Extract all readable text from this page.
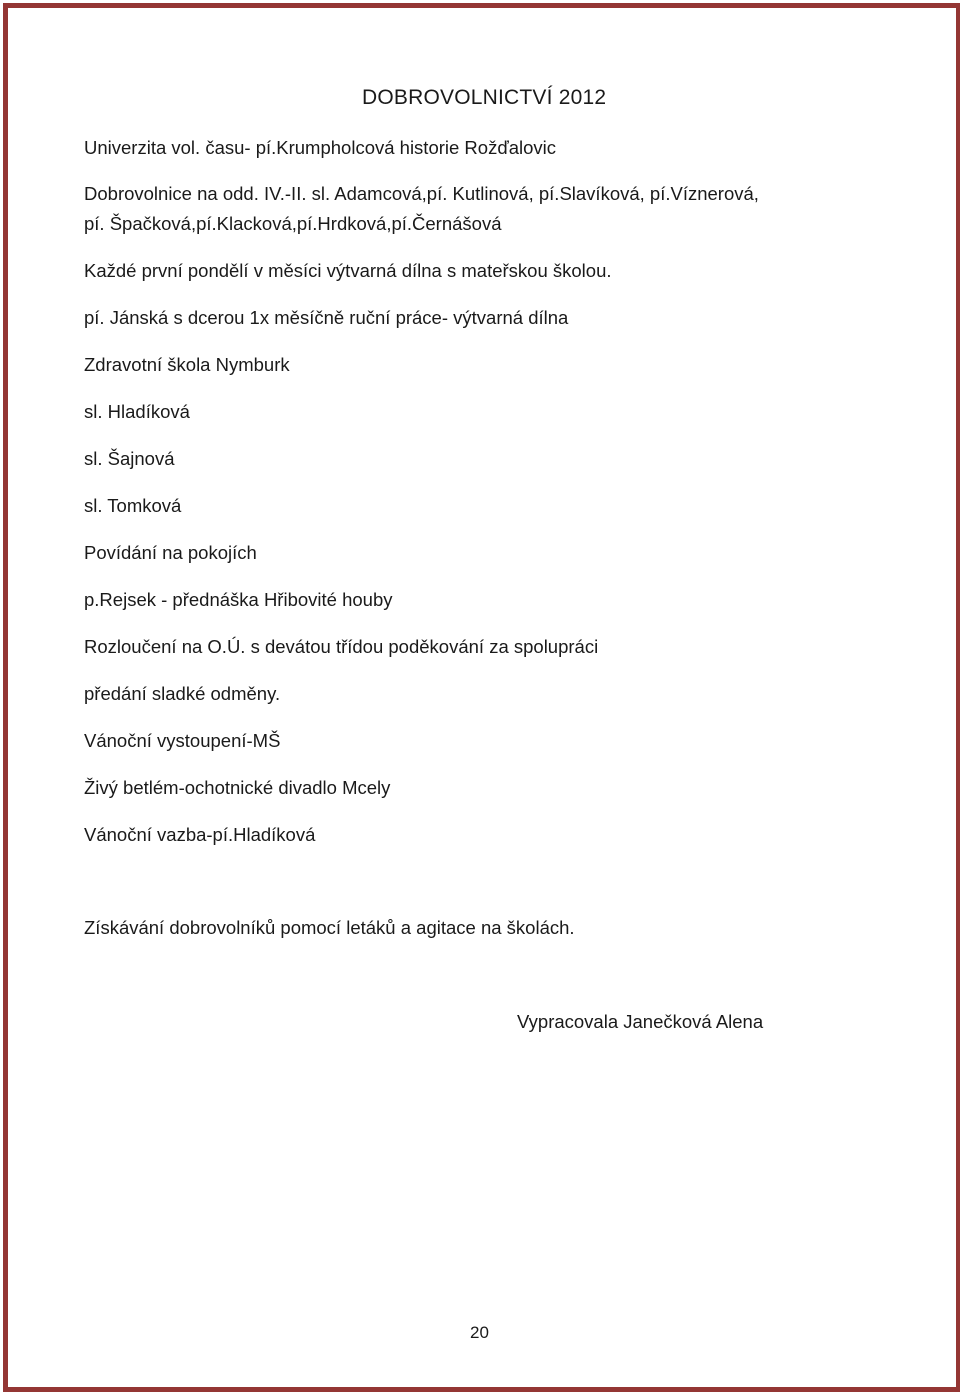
DOBROVOLNICTVÍ 2012
Univerzita vol. času- pí.Krumpholcová historie Rožďalovic
Dobrovolnice na odd. IV.-II. sl. Adamcová,pí. Kutlinová, pí.Slavíková, pí.Víznerová,
pí. Špačková,pí.Klacková,pí.Hrdková,pí.Černášová
Každé první pondělí v měsíci výtvarná dílna s mateřskou školou.
pí. Jánská s dcerou 1x měsíčně ruční práce- výtvarná dílna
Zdravotní škola Nymburk
sl. Hladíková
sl. Šajnová
sl. Tomková
Povídání na pokojích
p.Rejsek - přednáška Hřibovité houby
Rozloučení na O.Ú. s devátou třídou poděkování za spolupráci
předání sladké odměny.
Vánoční vystoupení-MŠ
Živý betlém-ochotnické divadlo Mcely
Vánoční vazba-pí.Hladíková
Získávání dobrovolníků pomocí letáků a agitace na školách.
Vypracovala Janečková Alena
20
